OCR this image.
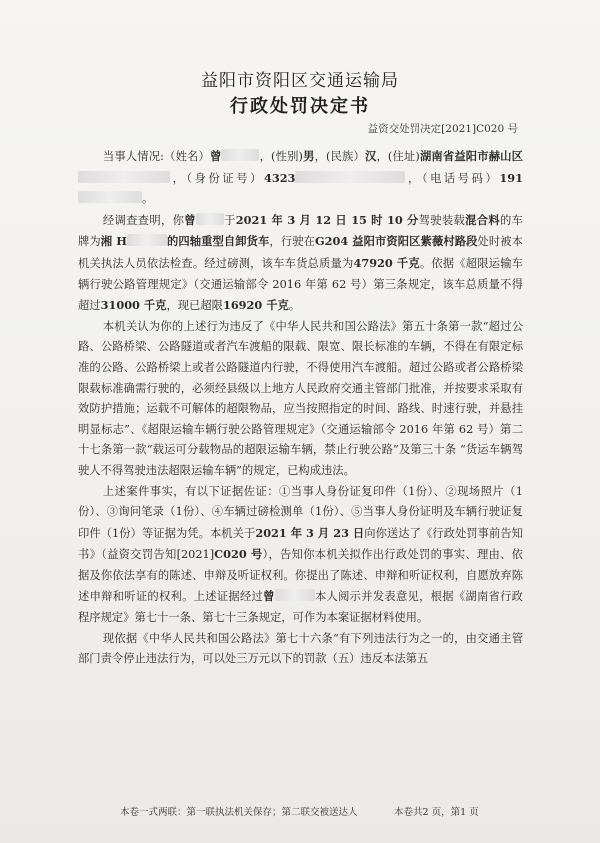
益阳市资阳区交通运输局
行政处罚决定书
益资交处罚决定[2021]C020 号

当事人情况:（姓名）曾	，(性别)男，(民族）汉，(住址)湖南省益阳市赫山区，（身份证号）4323	，（电话号码）191。

经调查查明，你曾 于2021 年 3 月 12 日 15 时 10 分驾驶装载混合料的车牌为湘 H	的四轴重型自卸货车，行驶在G204 益阳市资阳区紫薇村路段处时被本机关执法人员依法检查。经过磅测，该车车货总质量为47920 千克。依据《超限运输车辆行驶公路管理规定》（交通运输部令 2016 年第 62 号）第三条规定，该车总质量不得超过31000 千克，现已超限16920 千克。

本机关认为你的上述行为违反了《中华人民共和国公路法》第五十条第一款“超过公路、公路桥梁、公路隧道或者汽车渡船的限载、限宽、限长标准的车辆，不得在有限定标准的公路、公路桥梁上或者公路隧道内行驶，不得使用汽车渡船。超过公路或者公路桥梁限载标准确需行驶的，必须经县级以上地方人民政府交通主管部门批准，并按要求采取有效防护措施；运载不可解体的超限物品，应当按照指定的时间、路线、时速行驶，并悬挂明显标志”、《超限运输车辆行驶公路管理规定》（交通运输部令 2016 年第 62 号）第二十七条第一款“载运可分载物品的超限运输车辆，禁止行驶公路”及第三十条 “货运车辆驾驶人不得驾驶违法超限运输车辆”的规定，已构成违法。

上述案件事实，有以下证据佐证：①当事人身份证复印件（1份）、②现场照片（1份）、③询问笔录（1份）、④车辆过磅检测单（1份）、⑤当事人身份证明及车辆行驶证复印件（1份）等证据为凭。本机关于2021 年 3 月 23 日向你送达了《行政处罚事前告知书》（益资交罚告知[2021]C020 号），告知你本机关拟作出行政处罚的事实、理由、依据及你依法享有的陈述、申辩及听证权利。你提出了陈述、申辩和听证权利，自愿放弃陈述申辩和听证的权利。上述证据经过曾	本人阅示并发表意见，根据《湖南省行政程序规定》第七十一条、第七十三条规定，可作为本案证据材料使用。

现依据《中华人民共和国公路法》第七十六条“有下列违法行为之一的，由交通主管部门责令停止违法行为，可以处三万元以下的罚款（五）违反本法第五

本卷一式两联：第一联执法机关保存；第二联交被送达人	本卷共2 页，第1 页
